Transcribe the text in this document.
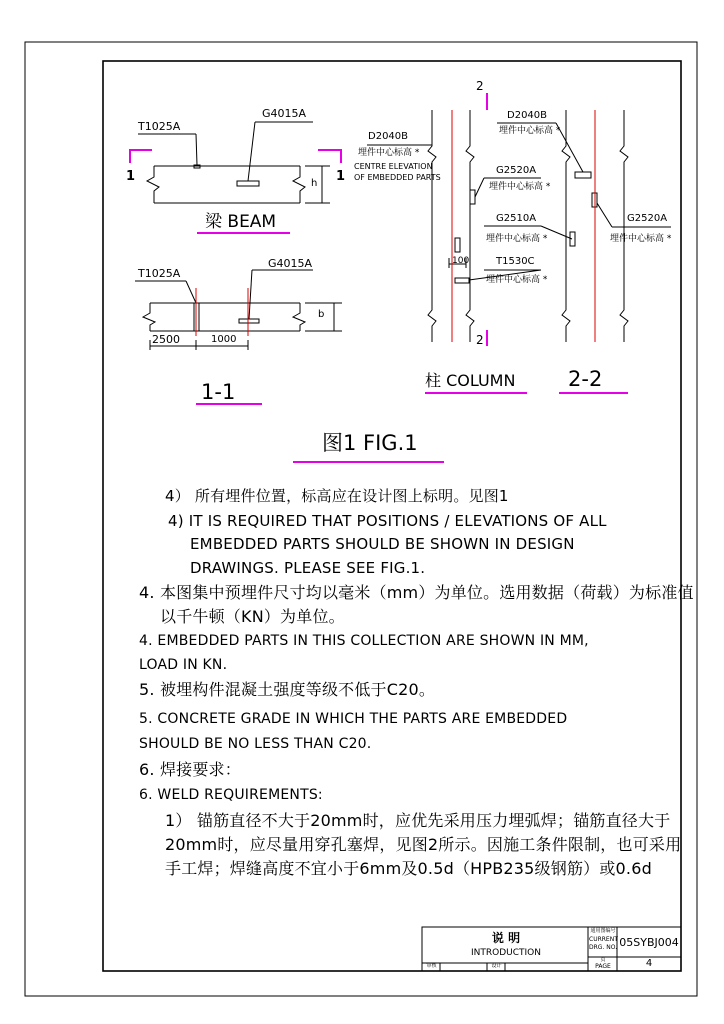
T1025A
G4015A
1	1
h
梁 BEAM
T1025A
G4015A
b
2500	1000
1-1
2
2
D2040B
埋件中心标高 *
CENTRE ELEVATION
OF EMBEDDED PARTS
D2040B
埋件中心标高 *
G2520A
埋件中心标高 *
G2510A
埋件中心标高 *
100	T1530C
埋件中心标高 *
G2520A
埋件中心标高 *
柱 COLUMN	2-2
图1 FIG.1
4） 所有埋件位置，标高应在设计图上标明。见图1
4) IT IS REQUIRED THAT POSITIONS / ELEVATIONS OF ALL
EMBEDDED PARTS SHOULD BE SHOWN IN DESIGN
DRAWINGS. PLEASE SEE FIG.1.
4. 本图集中预埋件尺寸均以毫米（mm）为单位。选用数据（荷载）为标准值
以千牛顿（KN）为单位。
4. EMBEDDED PARTS IN THIS COLLECTION ARE SHOWN IN MM,
LOAD IN KN.
5. 被埋构件混凝土强度等级不低于C20。
5. CONCRETE GRADE IN WHICH THE PARTS ARE EMBEDDED
SHOULD BE NO LESS THAN C20.
6. 焊接要求：
6. WELD REQUIREMENTS:
1） 锚筋直径不大于20mm时，应优先采用压力埋弧焊；锚筋直径大于
20mm时，应尽量用穿孔塞焊，见图2所示。因施工条件限制，也可采用
手工焊；焊缝高度不宜小于6mm及0.5d（HPB235级钢筋）或0.6d
说 明
INTRODUCTION
审核	设计
通用图编号
CURRENT
DRG. NO. 05SYBJ004
页
PAGE	4
